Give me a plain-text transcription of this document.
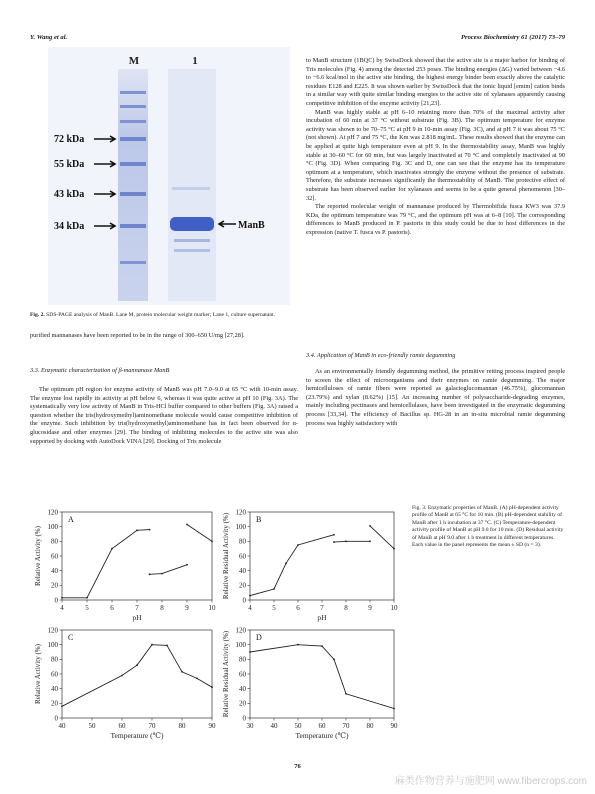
Y. Wang et al.	Process Biochemistry 61 (2017) 73–79
M	1
72 kDa
55 kDa
43 kDa
34 kDa	ManB
Fig. 2. SDS-PAGE analysis of ManB. Lane M, protein molecular weight marker; Lane 1, culture supernatant.

purified mannanases have been reported to be in the range of 300–650 U/mg [27,28].

3.3. Enzymatic characterization of β-mannanase ManB

The optimum pH region for enzyme activity of ManB was pH 7.0–9.0 at 65 °C with 10-min assay. The enzyme lost rapidly its activity at pH below 6, whereas it was quite active at pH 10 (Fig. 3A). The systematically very low activity of ManB in Tris-HCl buffer compared to other buffers (Fig. 3A) raised a question whether the tris(hydroxymethyl)aminomethane molecule would cause competitive inhibition of the enzyme. Such inhibition by tris(hydroxymethyl)aminomethane has in fact been observed for α-glucosidase and other enzymes [29]. The binding of inhibiting molecules to the active site was also supported by docking with AutoDock VINA [29]. Docking of Tris molecule

to ManB structure (1BQC) by SwissDock showed that the active site is a major harbor for binding of Tris molecules (Fig. 4) among the detected 253 poses. The binding energies (ΔG) varied between −4.6 to −6.6 kcal/mol in the active site binding, the highest energy binder been exactly above the catalytic residues E128 and E225. It was shown earlier by SwissDock that the ionic liquid [emim] cation binds in a similar way with quite similar binding energies to the active site of xylanases apparently causing competitive inhibition of the enzyme activity [21,23].

ManB was highly stable at pH 6–10 retaining more than 70% of the maximal activity after incubation of 60 min at 37 °C without substrate (Fig. 3B). The optimum temperature for enzyme activity was shown to be 70–75 °C at pH 9 in 10-min assay (Fig. 3C), and at pH 7 it was about 75 °C (not shown). At pH 7 and 75 °C, the Km was 2.818 mg/mL. These results showed that the enzyme can be applied at quite high temperature even at pH 9. In the thermostability assay, ManB was highly stable at 30–60 °C for 60 min, but was largely inactivated at 70 °C and completely inactivated at 90 °C (Fig. 3D). When comparing Fig. 3C and D, one can see that the enzyme has its temperature optimum at a temperature, which inactivates strongly the enzyme without the presence of substrate. Therefore, the substrate increases significantly the thermostability of ManB. The protective effect of substrate has been observed earlier for xylanases and seems to be a quite general phenomenon [30–32].

The reported molecular weight of mannanase produced by Thermobifida fusca KW3 was 37.9 KDa, the optimum temperature was 79 °C, and the optimum pH was at 6–8 [10]. The corresponding differences to ManB produced in P. pastoris in this study could be due to host differences in the expression (native T. fusca vs P. pastoris).

3.4. Application of ManB in eco-friendly ramie degumming

As an environmentally friendly degumming method, the primitive retting process inspired people to screen the effect of microorganisms and their enzymes on ramie degumming. The major hemicelluloses of ramie fibers were reported as galactoglucomannan (46.75%), glucomannan (23.79%) and xylan (8.62%) [15]. An increasing number of polysaccharide-degrading enzymes, mainly including pectinases and hemicellulases, have been investigated in the enzymatic degumming process [33,34]. The efficiency of Bacillus sp. HG-28 in an in-situ microbial ramie degumming process was highly satisfactory with

4	5	6	7	8	9	10
0
20
40
60
80
100
120
pH
Relative Activity (%)
A
4	5	6	7	8	9	10
0
20
40
60
80
100
120
pH
Relative Residual Activity (%)	B
40	50	60	70	80	90
0
20
40
60
80
100
120
Temperature (℃)
Relative Activity (%)
C
30 40 50 60 70 80 90
0
20
40
60
80
100
120
Temperature (℃)
Relative Residual Activity (%)	D
Fig. 3. Enzymatic properties of ManB. (A) pH-dependent activity profile of ManB at 65 °C for 10 min. (B) pH-dependent stability of ManB after 1 h incubation at 37 °C. (C) Temperature-dependent activity profile of ManB at pH 9.0 for 10 min. (D) Residual activity of ManB at pH 9.0 after 1 h treatment in different temperatures. Each value in the panel represents the mean ± SD (n = 3).
76
麻类作物营养与施肥网 www.fibercrops.com
